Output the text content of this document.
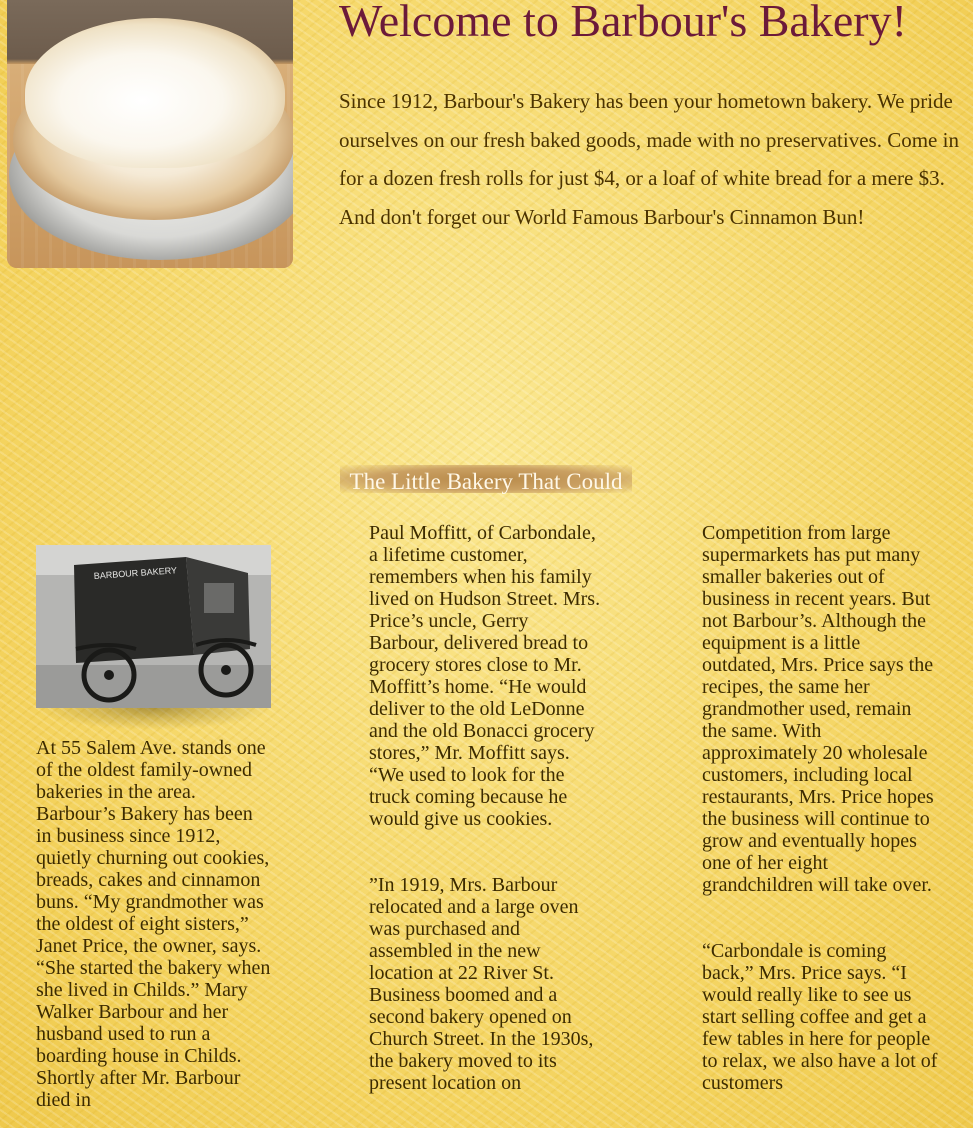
Welcome to Barbour's Bakery!

Since 1912, Barbour's Bakery has been your hometown bakery. We pride ourselves on our fresh baked goods, made with no preservatives. Come in for a dozen fresh rolls for just $4, or a loaf of white bread for a mere $3. And don't forget our World Famous Barbour's Cinnamon Bun!

The Little Bakery That Could
BARBOUR BAKERY

At 55 Salem Ave. stands one of the oldest family-owned bakeries in the area. Barbour’s Bakery has been in business since 1912, quietly churning out cookies, breads, cakes and cinnamon buns. “My grandmother was the oldest of eight sisters,” Janet Price, the owner, says. “She started the bakery when she lived in Childs.” Mary Walker Barbour and her husband used to run a boarding house in Childs. Shortly after Mr. Barbour died in

Paul Moffitt, of Carbondale, a lifetime customer, remembers when his family lived on Hudson Street. Mrs. Price’s uncle, Gerry Barbour, delivered bread to grocery stores close to Mr. Moffitt’s home. “He would deliver to the old LeDonne and the old Bonacci grocery stores,” Mr. Moffitt says. “We used to look for the truck coming because he would give us cookies.

”In 1919, Mrs. Barbour relocated and a large oven was purchased and assembled in the new location at 22 River St. Business boomed and a second bakery opened on Church Street. In the 1930s, the bakery moved to its present location on

Competition from large supermarkets has put many smaller bakeries out of business in recent years. But not Barbour’s. Although the equipment is a little outdated, Mrs. Price says the recipes, the same her grandmother used, remain the same. With approximately 20 wholesale customers, including local restaurants, Mrs. Price hopes the business will continue to grow and eventually hopes one of her eight grandchildren will take over.

“Carbondale is coming back,” Mrs. Price says. “I would really like to see us start selling coffee and get a few tables in here for people to relax, we also have a lot of customers
